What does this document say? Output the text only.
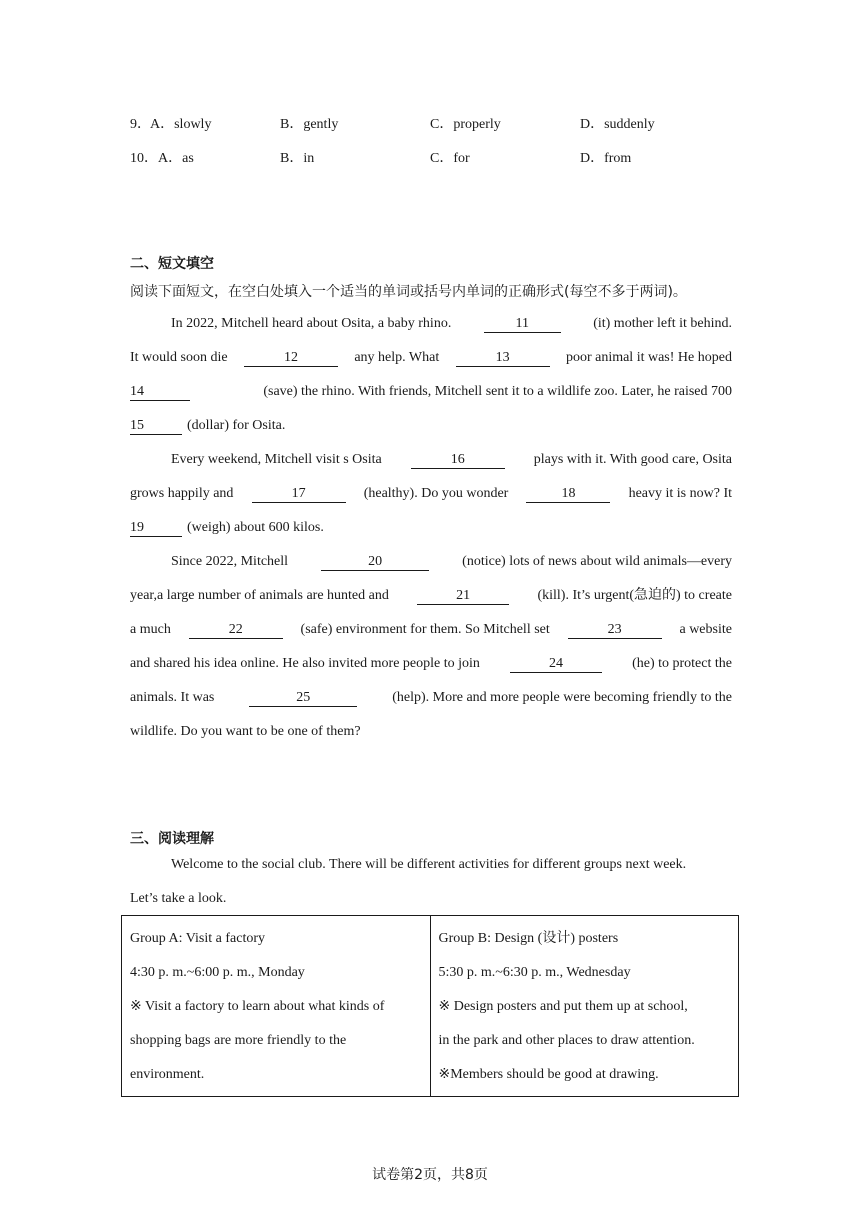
9． A．slowly	B．gently	C．properly	D．suddenly
10． A．as	B．in	C．for	D．from
二、短文填空
阅读下面短文，在空白处填入一个适当的单词或括号内单词的正确形式(每空不多于两词)。
In 2022, Mitchell heard about Osita, a baby rhino.	11	(it) mother left it behind.
It would soon die	12	any help. What	13	poor animal it was! He hoped
14	(save) the rhino. With friends, Mitchell sent it to a wildlife zoo. Later, he raised 700
15	(dollar) for Osita.
Every weekend, Mitchell visit s Osita	16	plays with it. With good care, Osita
grows happily and	17	(healthy). Do you wonder	18	heavy it is now? It
19	(weigh) about 600 kilos.
Since 2022, Mitchell	20	(notice) lots of news about wild animals—every
year,a large number of animals are hunted and	21	(kill). It’s urgent(急迫的) to create
a much	22	(safe) environment for them. So Mitchell set	23	a website
and shared his idea online. He also invited more people to join	24	(he) to protect the
animals. It was	25	(help). More and more people were becoming friendly to the
wildlife. Do you want to be one of them?
三、阅读理解
Welcome to the social club. There will be different activities for different groups next week.
Let’s take a look.
Group A: Visit a factory
4:30 p. m.~6:00 p. m., Monday
※ Visit a factory to learn about what kinds of
shopping bags are more friendly to the
environment.

Group B: Design (设计) posters
5:30 p. m.~6:30 p. m., Wednesday
※ Design posters and put them up at school,
in the park and other places to draw attention.
※Members should be good at drawing.
试卷第2页，共8页
